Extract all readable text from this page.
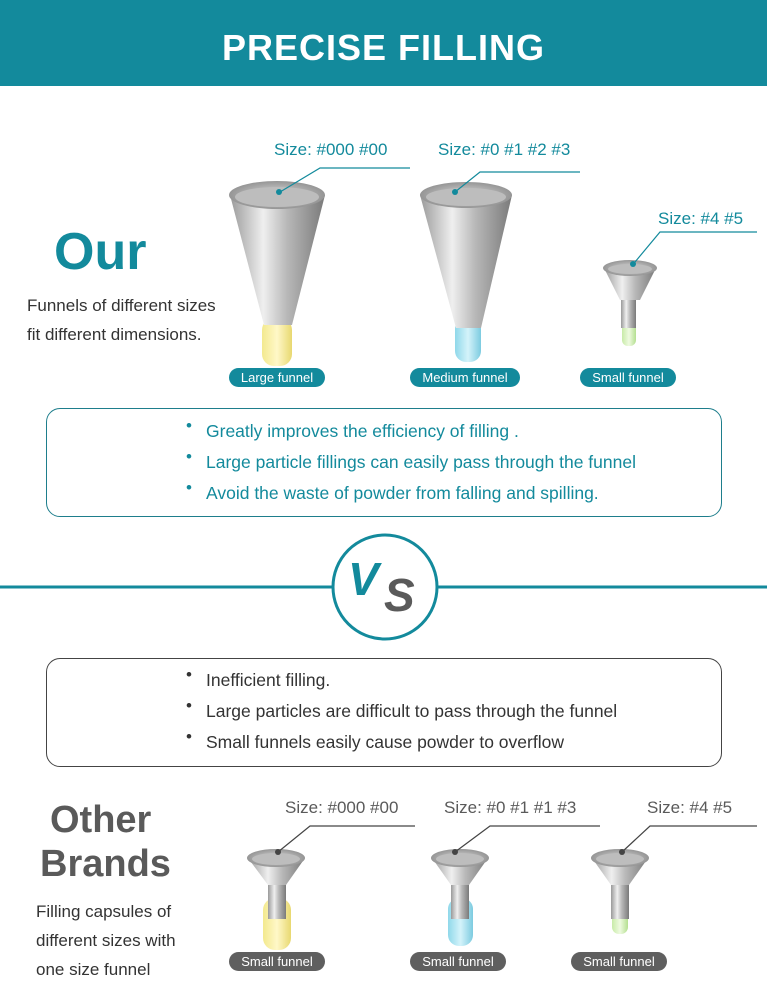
PRECISE FILLING
Size: #000 #00	Size: #0 #1 #2 #3
Size: #4 #5
Our
Funnels of different sizes
fit different dimensions.
Large funnel	Medium funnel	Small funnel
• Greatly improves the efficiency of filling .
• Large particle fillings can easily pass through the funnel
• Avoid the waste of powder from falling and spilling.
V S
• Inefficient filling.
• Large particles are difficult to pass through the funnel
• Small funnels easily cause powder to overflow
Size: #000 #00	Size: #0 #1 #1 #3	Size: #4 #5
Other
Brands
Filling capsules of
different sizes with
one size funnel	Small funnel	Small funnel	Small funnel
